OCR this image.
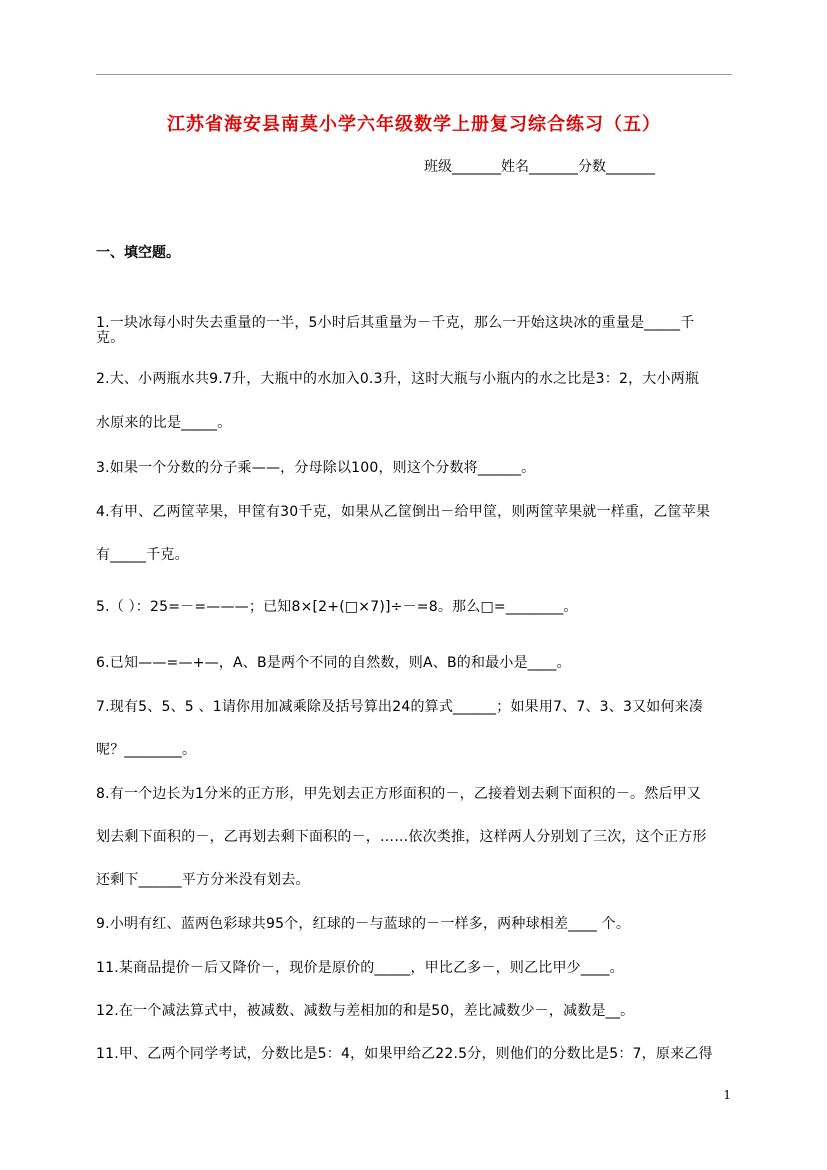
江苏省海安县南莫小学六年级数学上册复习综合练习（五）
班级_______姓名_______分数_______
一、填空题。
1.一块冰每小时失去重量的一半，5小时后其重量为－千克，那么一开始这块冰的重量是_____千
克。
2.大、小两瓶水共9.7升，大瓶中的水加入0.3升，这时大瓶与小瓶内的水之比是3：2，大小两瓶
水原来的比是_____。
3.如果一个分数的分子乘——，分母除以100，则这个分数将______。
4.有甲、乙两筐苹果，甲筐有30千克，如果从乙筐倒出－给甲筐，则两筐苹果就一样重，乙筐苹果
有_____千克。
5.（ ）：25=－=———；已知8×[2+(□×7)]÷－=8。那么□=________。
6.已知——=—+—，A、B是两个不同的自然数，则A、B的和最小是____。
7.现有5、5、5 、1请你用加减乘除及括号算出24的算式______；如果用7、7、3、3又如何来凑
呢？________。
8.有一个边长为1分米的正方形，甲先划去正方形面积的－，乙接着划去剩下面积的－。然后甲又
划去剩下面积的－，乙再划去剩下面积的－，……依次类推，这样两人分别划了三次，这个正方形
还剩下______平方分米没有划去。
9.小明有红、蓝两色彩球共95个，红球的－与蓝球的－一样多，两种球相差____ 个。
11.某商品提价－后又降价－，现价是原价的_____，甲比乙多－，则乙比甲少____。
12.在一个减法算式中，被减数、减数与差相加的和是50，差比减数少－，减数是__。
11.甲、乙两个同学考试，分数比是5：4，如果甲给乙22.5分，则他们的分数比是5：7，原来乙得
1
